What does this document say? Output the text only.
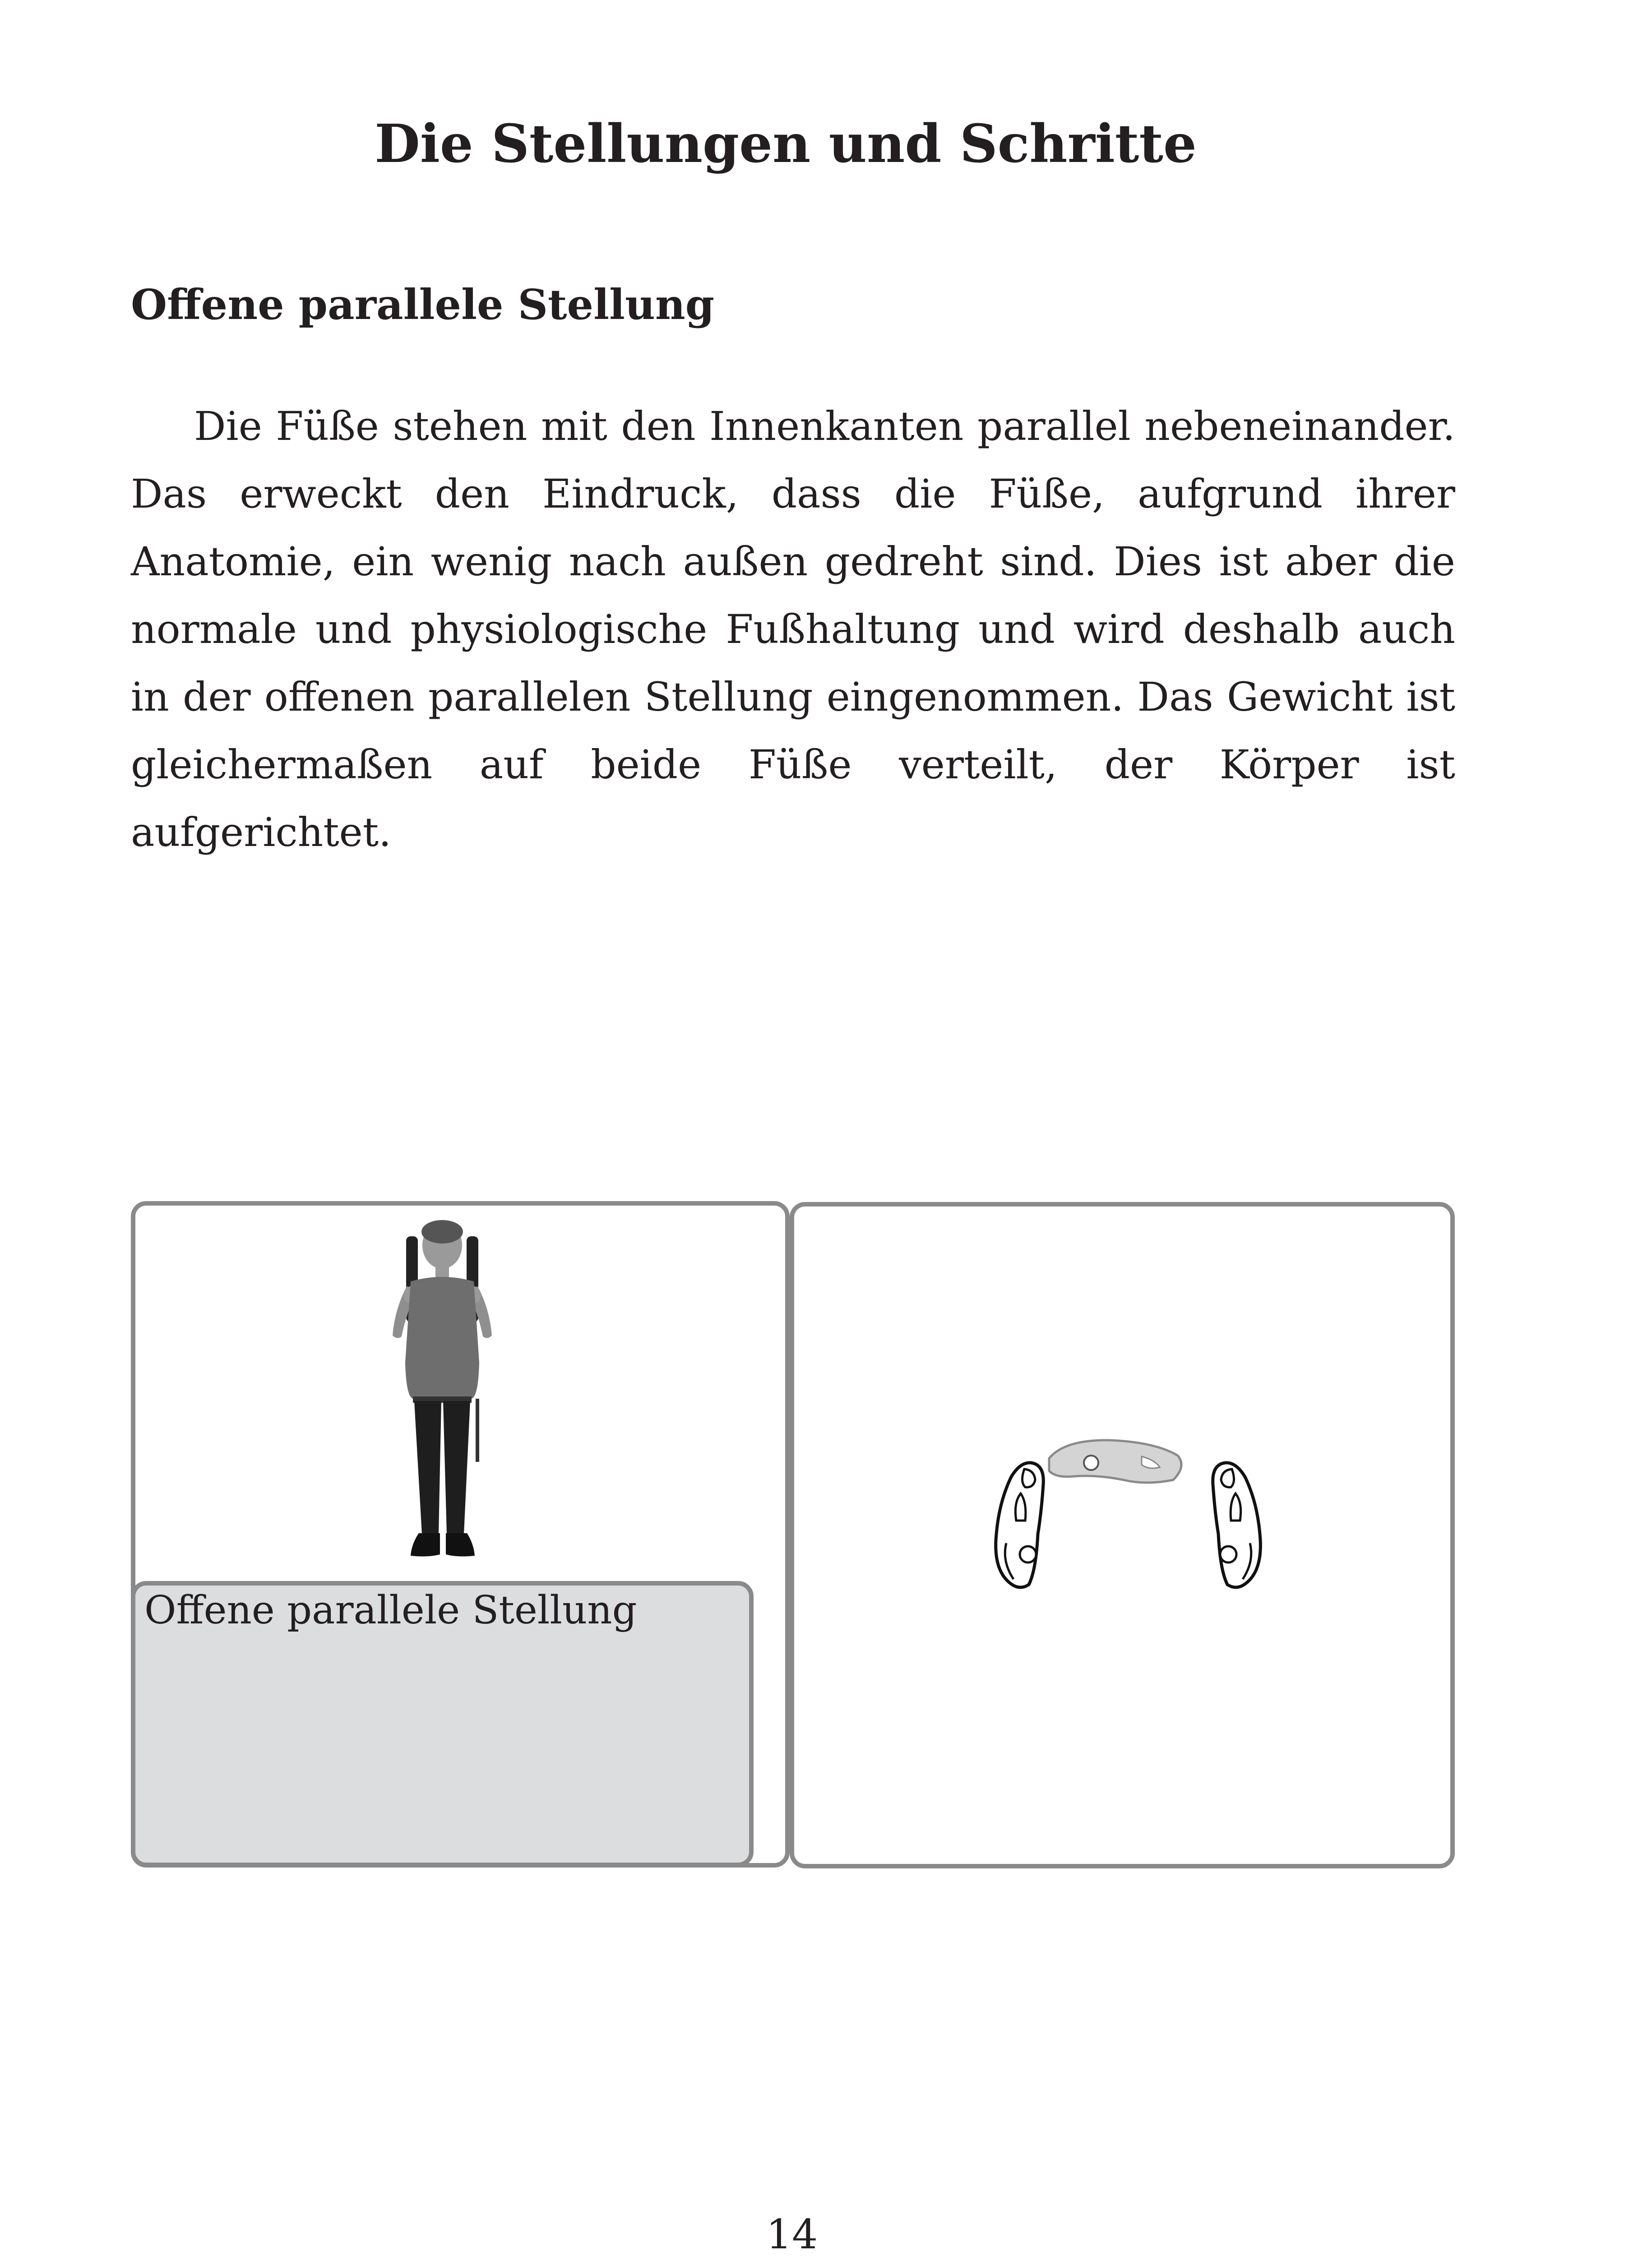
Die Stellungen und Schritte
Offene parallele Stellung

Die Füße stehen mit den Innenkanten parallel nebeneinander. Das erweckt den Eindruck, dass die Füße, aufgrund ihrer Anatomie, ein wenig nach außen gedreht sind. Dies ist aber die normale und physiologische Fußhaltung und wird deshalb auch in der offenen parallelen Stellung eingenommen. Das Gewicht ist gleichermaßen auf beide Füße verteilt, der Körper ist aufgerichtet.

Offene parallele Stellung

14
